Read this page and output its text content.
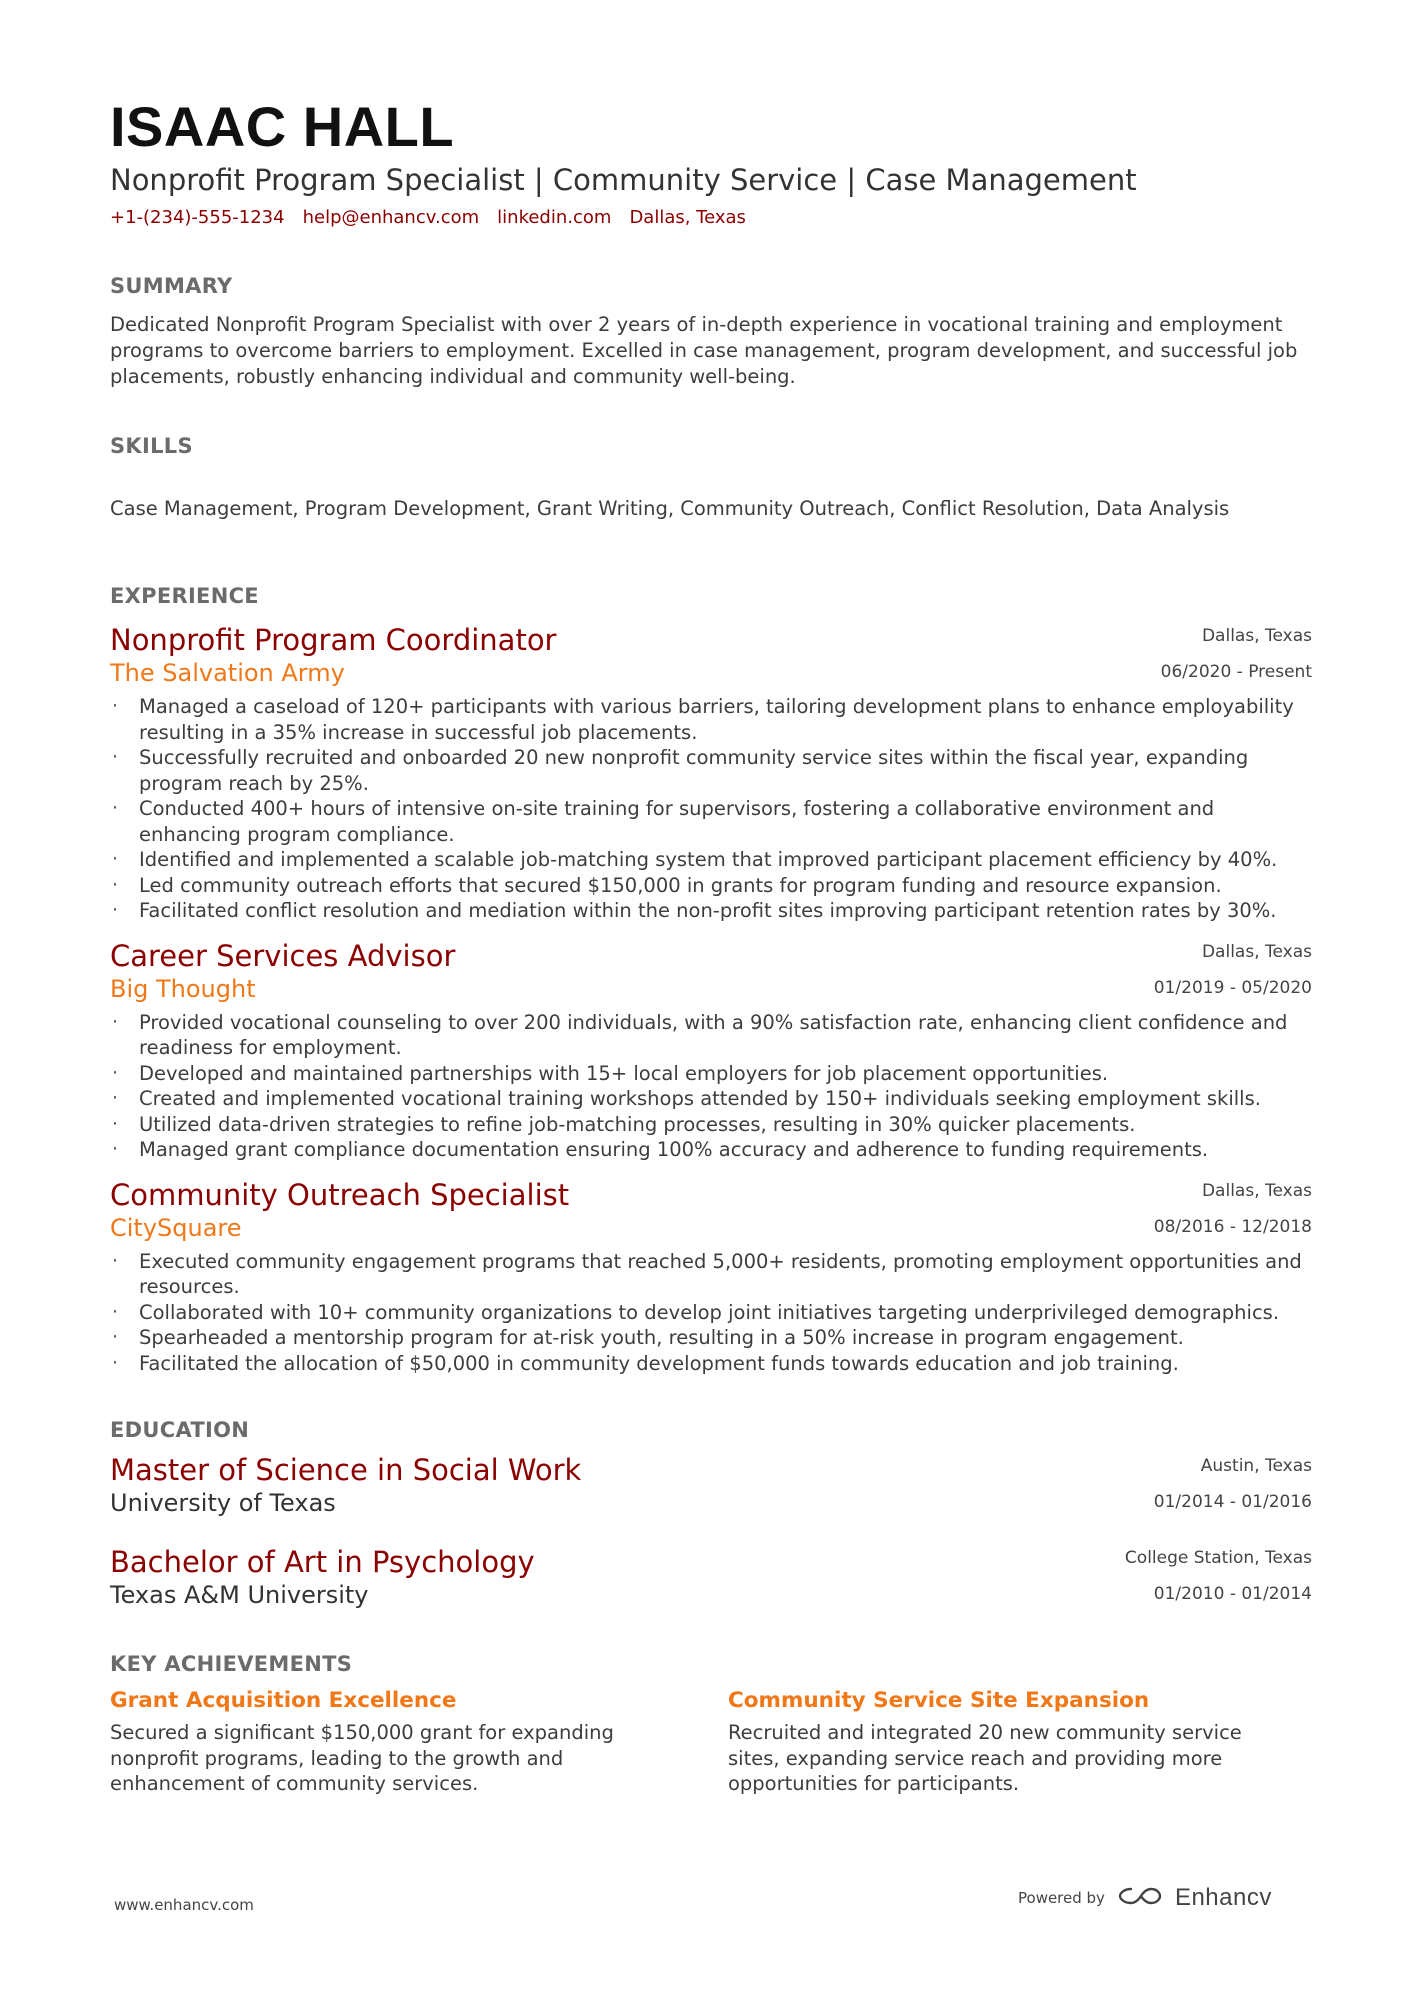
ISAAC HALL
Nonprofit Program Specialist | Community Service | Case Management
+1-(234)-555-1234 help@enhancv.com linkedin.com Dallas, Texas
SUMMARY
Dedicated Nonprofit Program Specialist with over 2 years of in-depth experience in vocational training and employment programs to overcome barriers to employment. Excelled in case management, program development, and successful job placements, robustly enhancing individual and community well-being.
SKILLS
Case Management, Program Development, Grant Writing, Community Outreach, Conflict Resolution, Data Analysis
EXPERIENCE
Nonprofit Program Coordinator
The Salvation Army
Dallas, Texas
06/2020 - Present
· Managed a caseload of 120+ participants with various barriers, tailoring development plans to enhance employability resulting in a 35% increase in successful job placements.
· Successfully recruited and onboarded 20 new nonprofit community service sites within the fiscal year, expanding program reach by 25%.
· Conducted 400+ hours of intensive on-site training for supervisors, fostering a collaborative environment and enhancing program compliance.
· Identified and implemented a scalable job-matching system that improved participant placement efficiency by 40%.
· Led community outreach efforts that secured $150,000 in grants for program funding and resource expansion.
· Facilitated conflict resolution and mediation within the non-profit sites improving participant retention rates by 30%.
Career Services Advisor
Big Thought
Dallas, Texas
01/2019 - 05/2020
· Provided vocational counseling to over 200 individuals, with a 90% satisfaction rate, enhancing client confidence and readiness for employment.
· Developed and maintained partnerships with 15+ local employers for job placement opportunities.
· Created and implemented vocational training workshops attended by 150+ individuals seeking employment skills.
· Utilized data-driven strategies to refine job-matching processes, resulting in 30% quicker placements.
· Managed grant compliance documentation ensuring 100% accuracy and adherence to funding requirements.
Community Outreach Specialist
CitySquare
Dallas, Texas
08/2016 - 12/2018
· Executed community engagement programs that reached 5,000+ residents, promoting employment opportunities and resources.
· Collaborated with 10+ community organizations to develop joint initiatives targeting underprivileged demographics.
· Spearheaded a mentorship program for at-risk youth, resulting in a 50% increase in program engagement.
· Facilitated the allocation of $50,000 in community development funds towards education and job training.
EDUCATION
Master of Science in Social Work
University of Texas
Austin, Texas
01/2014 - 01/2016
Bachelor of Art in Psychology
Texas A&M University
College Station, Texas
01/2010 - 01/2014
KEY ACHIEVEMENTS
Grant Acquisition Excellence
Secured a significant $150,000 grant for expanding nonprofit programs, leading to the growth and enhancement of community services.
Community Service Site Expansion
Recruited and integrated 20 new community service sites, expanding service reach and providing more opportunities for participants.
www.enhancv.com	Powered by	Enhancv
